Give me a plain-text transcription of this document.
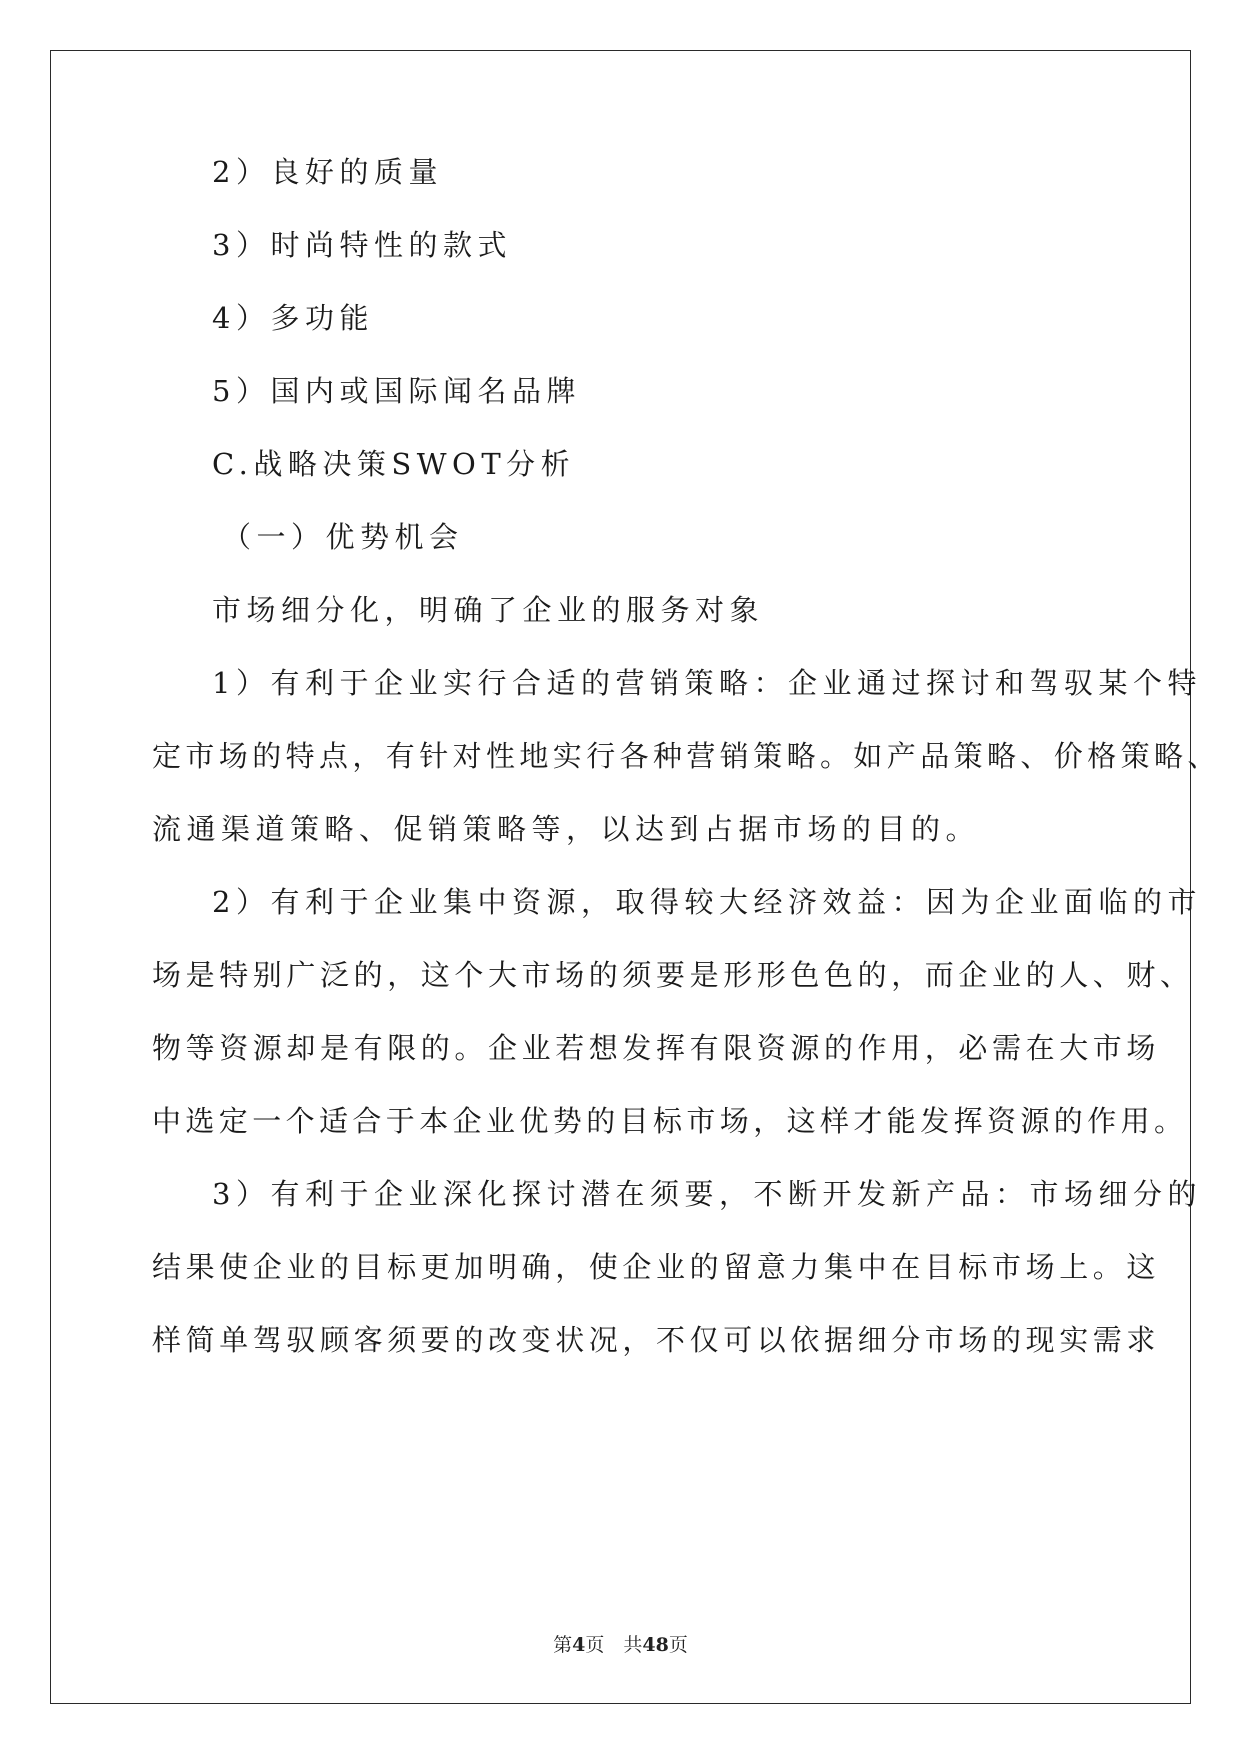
2）良好的质量
3）时尚特性的款式
4）多功能
5）国内或国际闻名品牌
C.战略决策SWOT分析
（一）优势机会
市场细分化，明确了企业的服务对象
1）有利于企业实行合适的营销策略：企业通过探讨和驾驭某个特
定市场的特点，有针对性地实行各种营销策略。如产品策略、价格策略、
流通渠道策略、促销策略等，以达到占据市场的目的。
2）有利于企业集中资源，取得较大经济效益：因为企业面临的市
场是特别广泛的，这个大市场的须要是形形色色的，而企业的人、财、
物等资源却是有限的。企业若想发挥有限资源的作用，必需在大市场
中选定一个适合于本企业优势的目标市场，这样才能发挥资源的作用。
3）有利于企业深化探讨潜在须要，不断开发新产品：市场细分的
结果使企业的目标更加明确，使企业的留意力集中在目标市场上。这
样简单驾驭顾客须要的改变状况，不仅可以依据细分市场的现实需求
第4页　共48页
